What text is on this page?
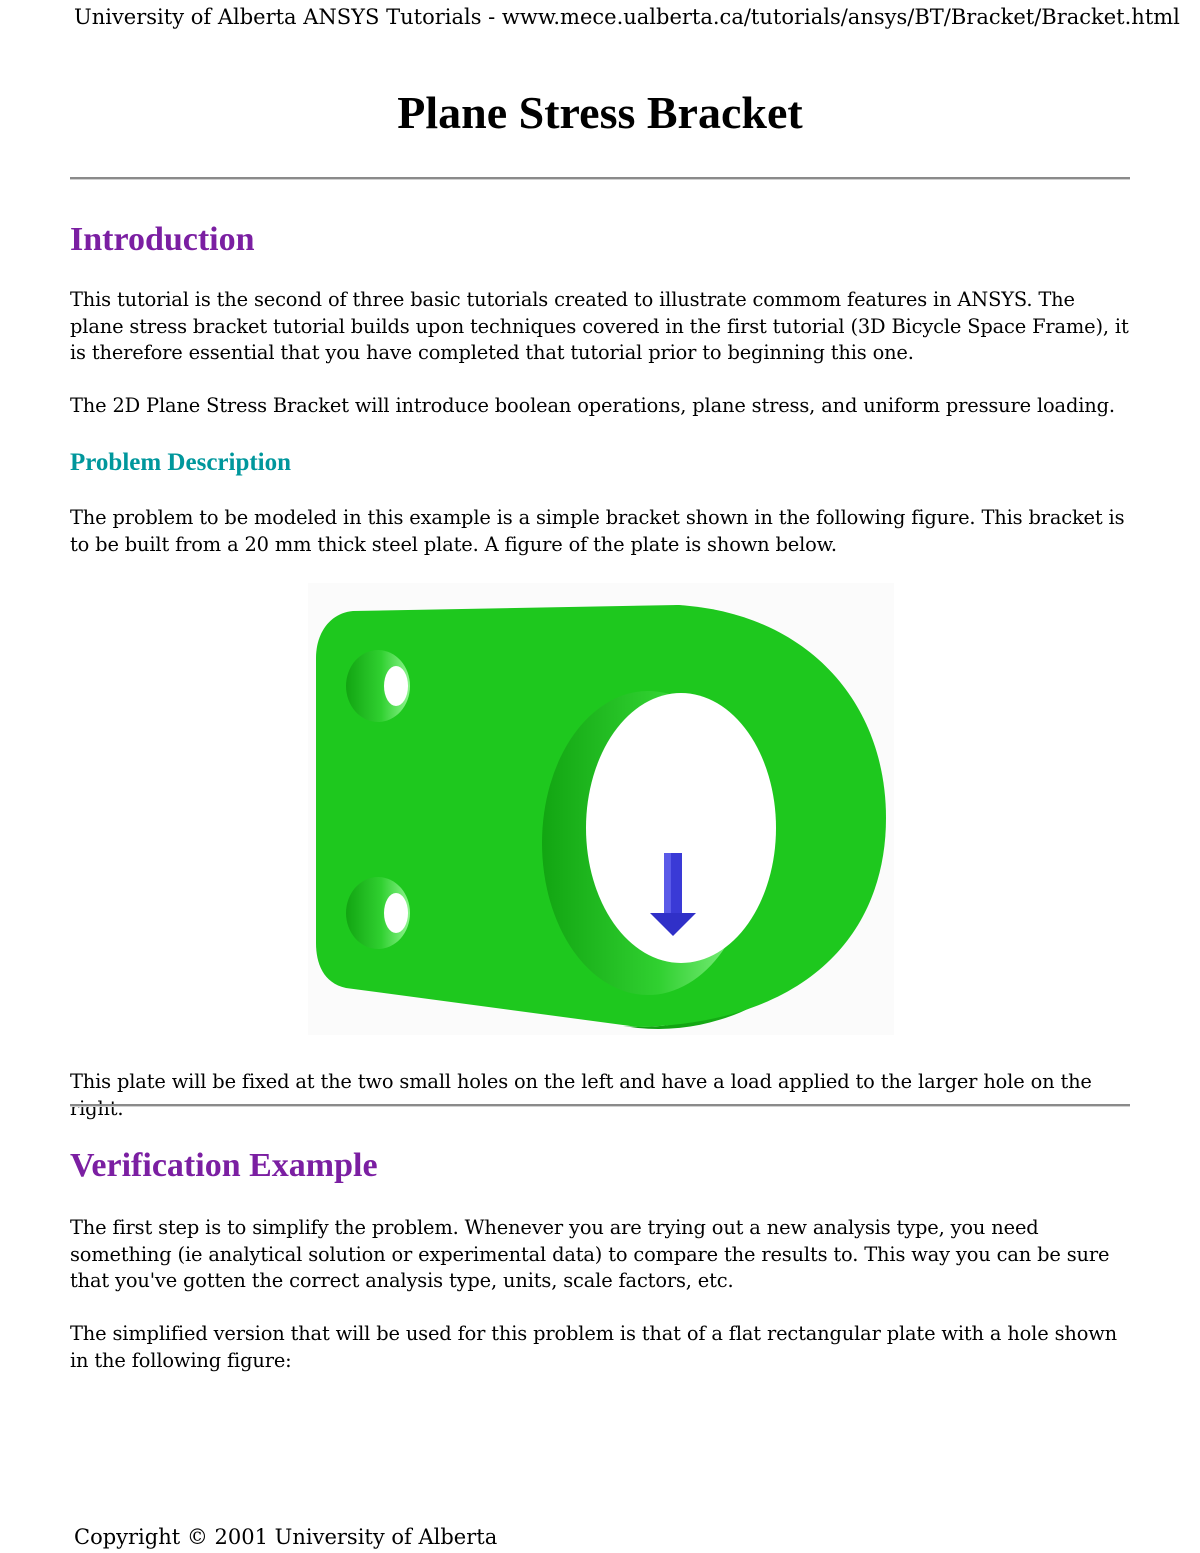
University of Alberta ANSYS Tutorials - www.mece.ualberta.ca/tutorials/ansys/BT/Bracket/Bracket.html
Plane Stress Bracket
Introduction

This tutorial is the second of three basic tutorials created to illustrate commom features in ANSYS. The plane stress bracket tutorial builds upon techniques covered in the first tutorial (3D Bicycle Space Frame), it is therefore essential that you have completed that tutorial prior to beginning this one.

The 2D Plane Stress Bracket will introduce boolean operations, plane stress, and uniform pressure loading.

Problem Description

The problem to be modeled in this example is a simple bracket shown in the following figure. This bracket is to be built from a 20 mm thick steel plate. A figure of the plate is shown below.

This plate will be fixed at the two small holes on the left and have a load applied to the larger hole on the right.

Verification Example

The first step is to simplify the problem. Whenever you are trying out a new analysis type, you need something (ie analytical solution or experimental data) to compare the results to. This way you can be sure that you've gotten the correct analysis type, units, scale factors, etc.

The simplified version that will be used for this problem is that of a flat rectangular plate with a hole shown in the following figure:

Copyright © 2001 University of Alberta
